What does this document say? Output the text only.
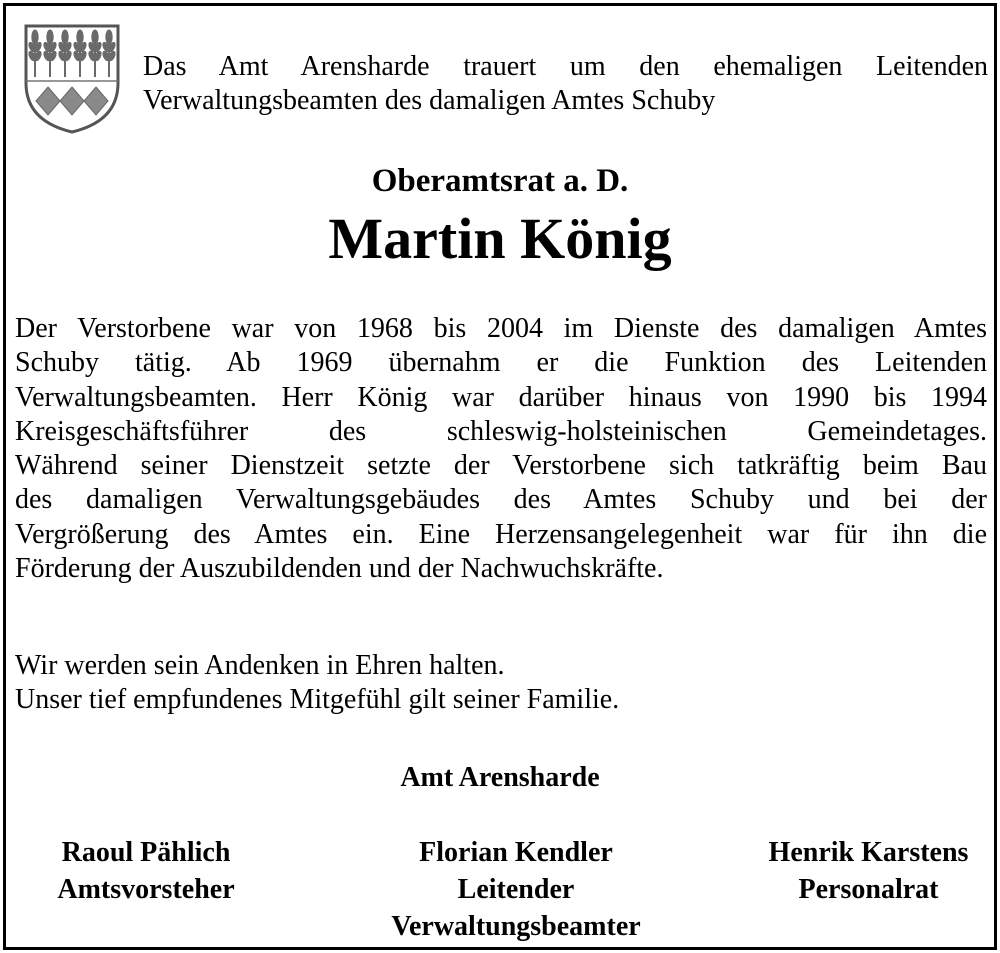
Das Amt Arensharde trauert um den ehemaligen Leitenden
Verwaltungsbeamten des damaligen Amtes Schuby
Oberamtsrat a. D.
Martin König
Der Verstorbene war von 1968 bis 2004 im Dienste des damaligen Amtes
Schuby tätig. Ab 1969 übernahm er die Funktion des Leitenden
Verwaltungsbeamten. Herr König war darüber hinaus von 1990 bis 1994
Kreisgeschäftsführer des schleswig-holsteinischen Gemeindetages.
Während seiner Dienstzeit setzte der Verstorbene sich tatkräftig beim Bau
des damaligen Verwaltungsgebäudes des Amtes Schuby und bei der
Vergrößerung des Amtes ein. Eine Herzensangelegenheit war für ihn die
Förderung der Auszubildenden und der Nachwuchskräfte.
Wir werden sein Andenken in Ehren halten.
Unser tief empfundenes Mitgefühl gilt seiner Familie.
Amt Arensharde
Raoul Pählich
Amtsvorsteher
Florian Kendler
Leitender
Verwaltungsbeamter
Henrik Karstens
Personalrat
